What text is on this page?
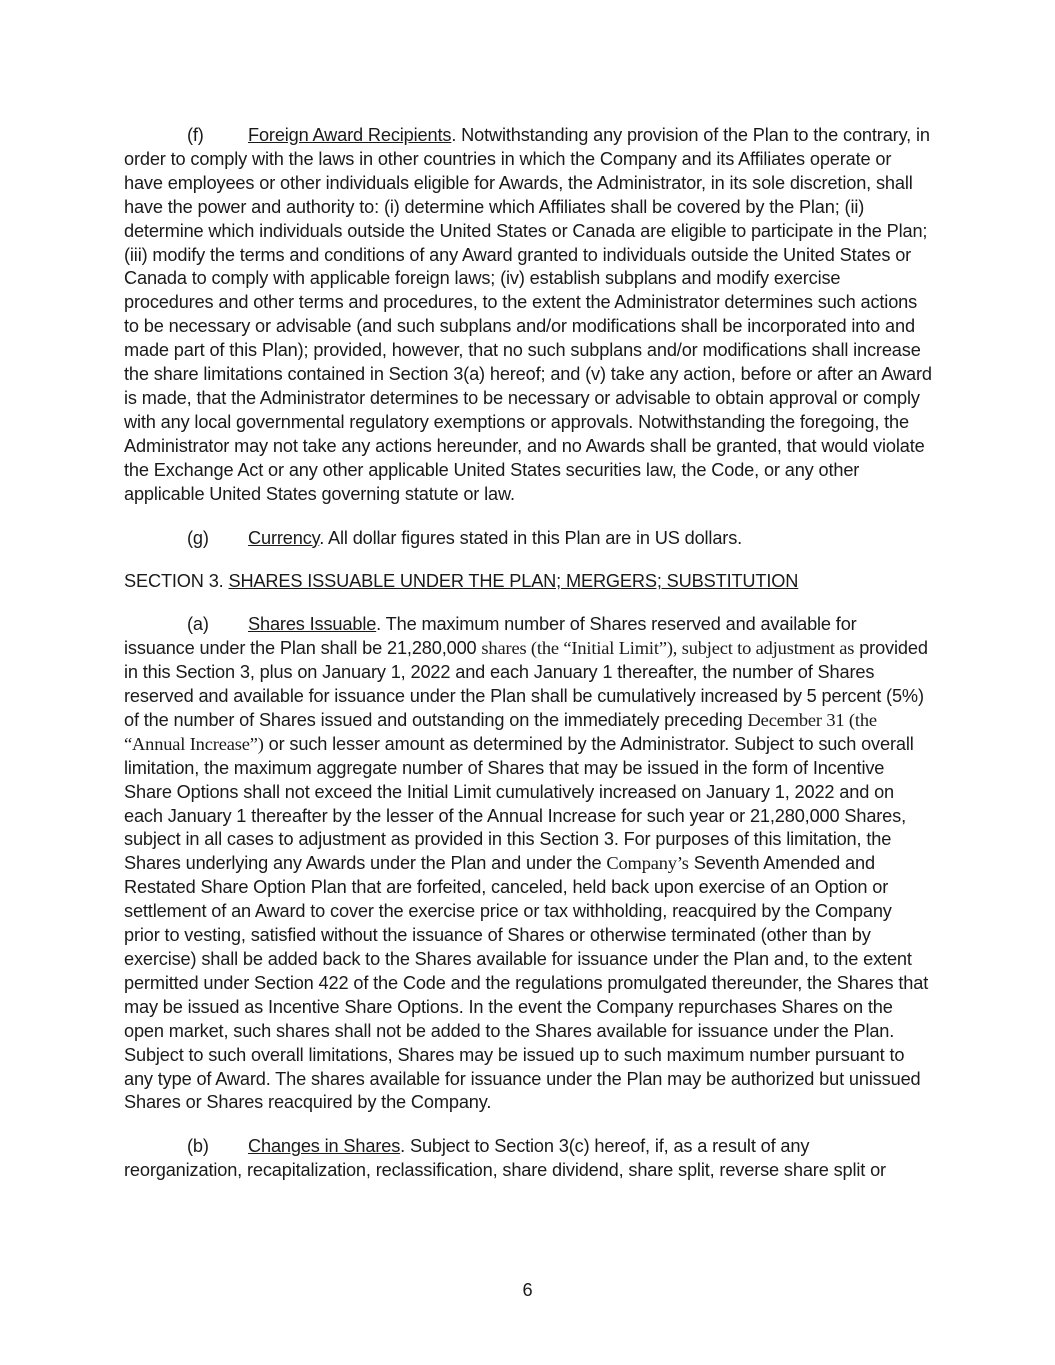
(f) Foreign Award Recipients. Notwithstanding any provision of the Plan to the contrary, in order to comply with the laws in other countries in which the Company and its Affiliates operate or have employees or other individuals eligible for Awards, the Administrator, in its sole discretion, shall have the power and authority to: (i) determine which Affiliates shall be covered by the Plan; (ii) determine which individuals outside the United States or Canada are eligible to participate in the Plan; (iii) modify the terms and conditions of any Award granted to individuals outside the United States or Canada to comply with applicable foreign laws; (iv) establish subplans and modify exercise procedures and other terms and procedures, to the extent the Administrator determines such actions to be necessary or advisable (and such subplans and/or modifications shall be incorporated into and made part of this Plan); provided, however, that no such subplans and/or modifications shall increase the share limitations contained in Section 3(a) hereof; and (v) take any action, before or after an Award is made, that the Administrator determines to be necessary or advisable to obtain approval or comply with any local governmental regulatory exemptions or approvals. Notwithstanding the foregoing, the Administrator may not take any actions hereunder, and no Awards shall be granted, that would violate the Exchange Act or any other applicable United States securities law, the Code, or any other applicable United States governing statute or law.

(g) Currency. All dollar figures stated in this Plan are in US dollars.

SECTION 3. SHARES ISSUABLE UNDER THE PLAN; MERGERS; SUBSTITUTION

(a) Shares Issuable. The maximum number of Shares reserved and available for issuance under the Plan shall be 21,280,000 shares (the “Initial Limit”), subject to adjustment as provided in this Section 3, plus on January 1, 2022 and each January 1 thereafter, the number of Shares reserved and available for issuance under the Plan shall be cumulatively increased by 5 percent (5%) of the number of Shares issued and outstanding on the immediately preceding December 31 (the “Annual Increase”) or such lesser amount as determined by the Administrator. Subject to such overall limitation, the maximum aggregate number of Shares that may be issued in the form of Incentive Share Options shall not exceed the Initial Limit cumulatively increased on January 1, 2022 and on each January 1 thereafter by the lesser of the Annual Increase for such year or 21,280,000 Shares, subject in all cases to adjustment as provided in this Section 3. For purposes of this limitation, the Shares underlying any Awards under the Plan and under the Company’s Seventh Amended and Restated Share Option Plan that are forfeited, canceled, held back upon exercise of an Option or settlement of an Award to cover the exercise price or tax withholding, reacquired by the Company prior to vesting, satisfied without the issuance of Shares or otherwise terminated (other than by exercise) shall be added back to the Shares available for issuance under the Plan and, to the extent permitted under Section 422 of the Code and the regulations promulgated thereunder, the Shares that may be issued as Incentive Share Options. In the event the Company repurchases Shares on the open market, such shares shall not be added to the Shares available for issuance under the Plan. Subject to such overall limitations, Shares may be issued up to such maximum number pursuant to any type of Award. The shares available for issuance under the Plan may be authorized but unissued Shares or Shares reacquired by the Company.

(b) Changes in Shares. Subject to Section 3(c) hereof, if, as a result of any reorganization, recapitalization, reclassification, share dividend, share split, reverse share split or

6
